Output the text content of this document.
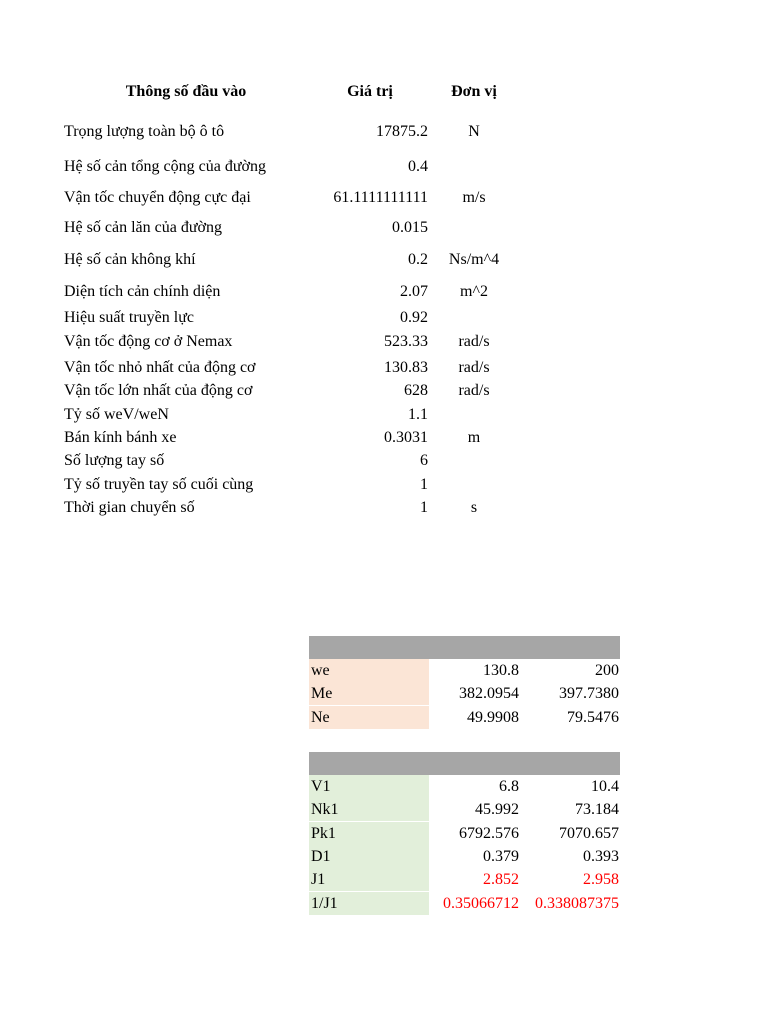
Thông số đầu vào	Giá trị	Đơn vị
Trọng lượng toàn bộ ô tô	17875.2	N
Hệ số cản tổng cộng của đường	0.4
Vận tốc chuyển động cực đại	61.1111111111	m/s
Hệ số cản lăn của đường	0.015
Hệ số cản không khí	0.2	Ns/m^4
Diện tích cản chính diện	2.07	m^2
Hiệu suất truyền lực	0.92
Vận tốc động cơ ở Nemax	523.33	rad/s
Vận tốc nhỏ nhất của động cơ	130.83	rad/s
Vận tốc lớn nhất của động cơ	628	rad/s
Tỷ số weV/weN	1.1
Bán kính bánh xe	0.3031	m
Số lượng tay số	6
Tỷ số truyền tay số cuối cùng	1
Thời gian chuyển số	1	s
we	130.8	200
Me	382.0954	397.7380
Ne	49.9908	79.5476
V1	6.8	10.4
Nk1	45.992	73.184
Pk1	6792.576	7070.657
D1	0.379	0.393
J1	2.852	2.958
1/J1	0.35066712	0.338087375
